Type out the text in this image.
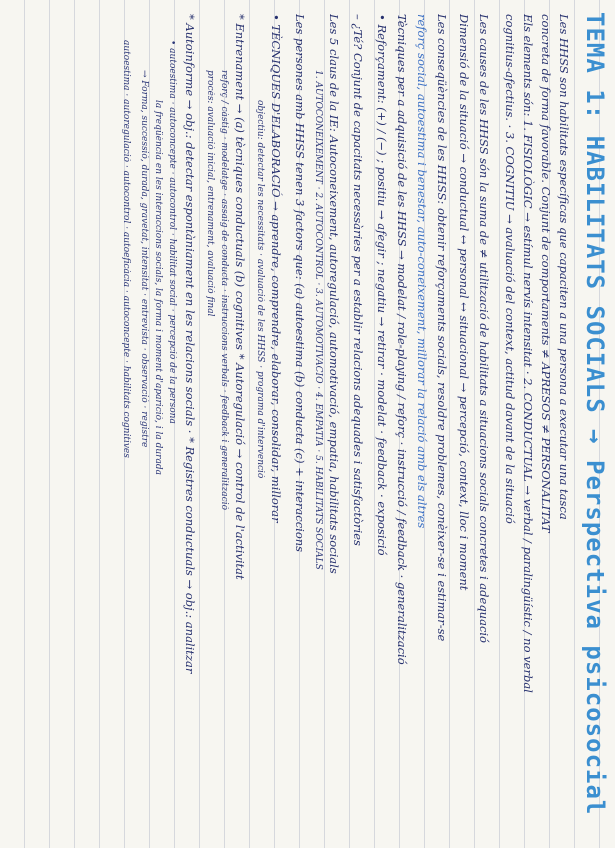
TEMA 1: HABILITATS SOCIALS → Perspectiva psicosocial
Les HHSS son habilitats específicas que capaciten a una persona a executar una tasca
concreta de forma favorable. Conjunt de comportaments ≠ APRESOS ≠ PERSONALITAT
Els elements són: 1. FISIOLÒGIC → estímul nervís intensitat · 2. CONDUCTUAL → verbal / paralingüístic / no verbal
cognitius-afectius. · 3. COGNITIU → avaluació del context, actitud davant de la situació
Les causes de les HHSS són la suma de ≠ utilització de habilitats a situacions socials concretes i adequació
Dimensió de la situació → conductual ↔ personal ↔ situacional → percepció, context, lloc i moment
Les conseqüències de les HHSS: obtenir reforçaments socials, resoldre problemes, conèixer-se i estimar-se
reforç social, autoestima i benestar, auto-coneixement, millorar la relació amb els altres
Tècniques per a adquisició de les HHSS → modelat / role-playing / reforç · instrucció / feedback · generalització
• Reforçament: (+) / (−) ; positiu → afegir ; negatiu → retirar · modelat · feedback · exposició
– ¿Té? Conjunt de capacitats necessàries per a establir relacions adequades i satisfactòries
Les 5 claus de la IE: Autoconeixement, autoregulació, automotivació, empatia, habilitats socials
1. AUTOCONEIXEMENT · 2. AUTOCONTROL · 3. AUTOMOTIVACIÓ · 4. EMPATIA · 5. HABILITATS SOCIALS
Les persones amb HHSS tenen 3 factors que: (a) autoestima (b) conducta (c) + interaccions
• TÈCNIQUES D'ELABORACIÓ → aprendre, comprendre, elaborar, consolidar, millorar
objectiu: detectar les necessitats · avaluació de les HHSS · programa d'intervenció
* Entrenament → (a) tècniques conductuals (b) cognitives * Autoregulació → control de l'activitat
reforç / càstig · modelatge · assaig de conducta · instruccions verbals · feedback i generalització
procés: avaluació inicial, entrenament, avaluació final
* Autoinforme → obj.: detectar espontàniament en les relacions socials · * Registres conductuals → obj.: analitzar
• autoestima · autoconcepte · autocontrol · habilitat social · percepció de la persona
la freqüència en les interaccions socials, la forma i moment d'aparició, i la durada
→ Forma, successió, durada, gravetat, intensitat · entrevista · observació · registre
autoestima · autoregulació · autocontrol · autoeficàcia · autoconcepte · habilitats cognitives
